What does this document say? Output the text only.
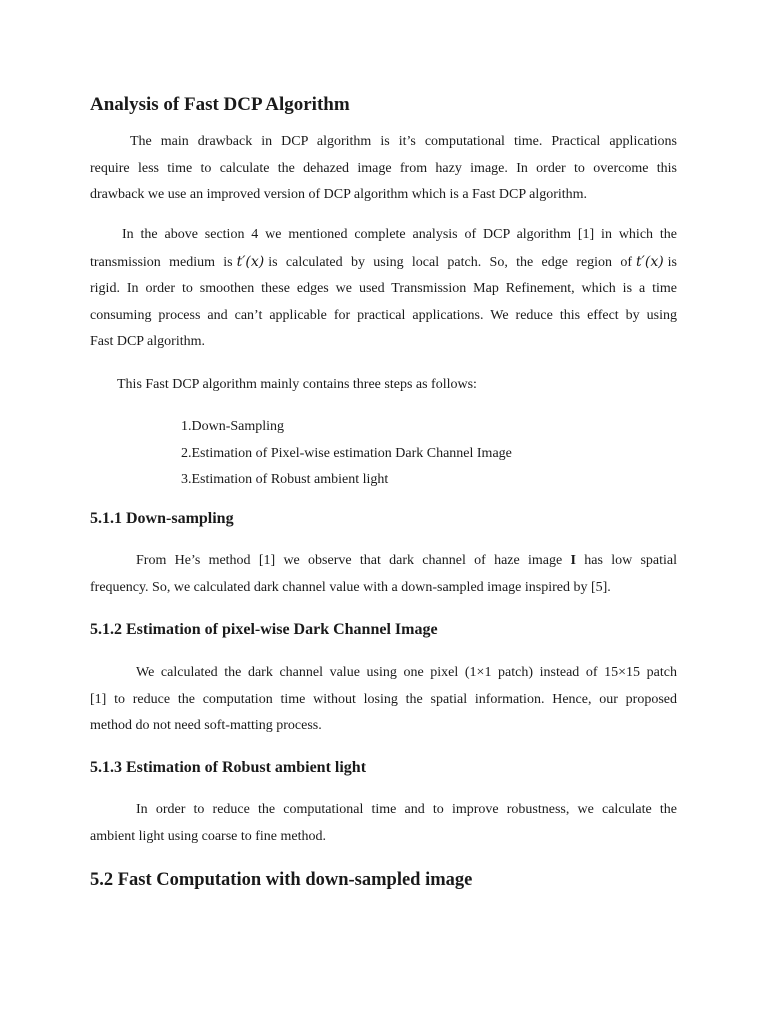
Analysis of Fast DCP Algorithm
The main drawback in DCP algorithm is it’s computational time. Practical applications
require less time to calculate the dehazed image from hazy image. In order to overcome this
drawback we use an improved version of DCP algorithm which is a Fast DCP algorithm.
In the above section 4 we mentioned complete analysis of DCP algorithm [1] in which the
transmission medium is t′(x) is calculated by using local patch. So, the edge region of t′(x) is
rigid. In order to smoothen these edges we used Transmission Map Refinement, which is a time
consuming process and can’t applicable for practical applications. We reduce this effect by using
Fast DCP algorithm.
This Fast DCP algorithm mainly contains three steps as follows:
1.Down-Sampling
2.Estimation of Pixel-wise estimation Dark Channel Image
3.Estimation of Robust ambient light
5.1.1 Down-sampling
From He’s method [1] we observe that dark channel of haze image I has low spatial
frequency. So, we calculated dark channel value with a down-sampled image inspired by [5].
5.1.2 Estimation of pixel-wise Dark Channel Image
We calculated the dark channel value using one pixel (1×1 patch) instead of 15×15 patch
[1] to reduce the computation time without losing the spatial information. Hence, our proposed
method do not need soft-matting process.
5.1.3 Estimation of Robust ambient light
In order to reduce the computational time and to improve robustness, we calculate the
ambient light using coarse to fine method.
5.2 Fast Computation with down-sampled image
